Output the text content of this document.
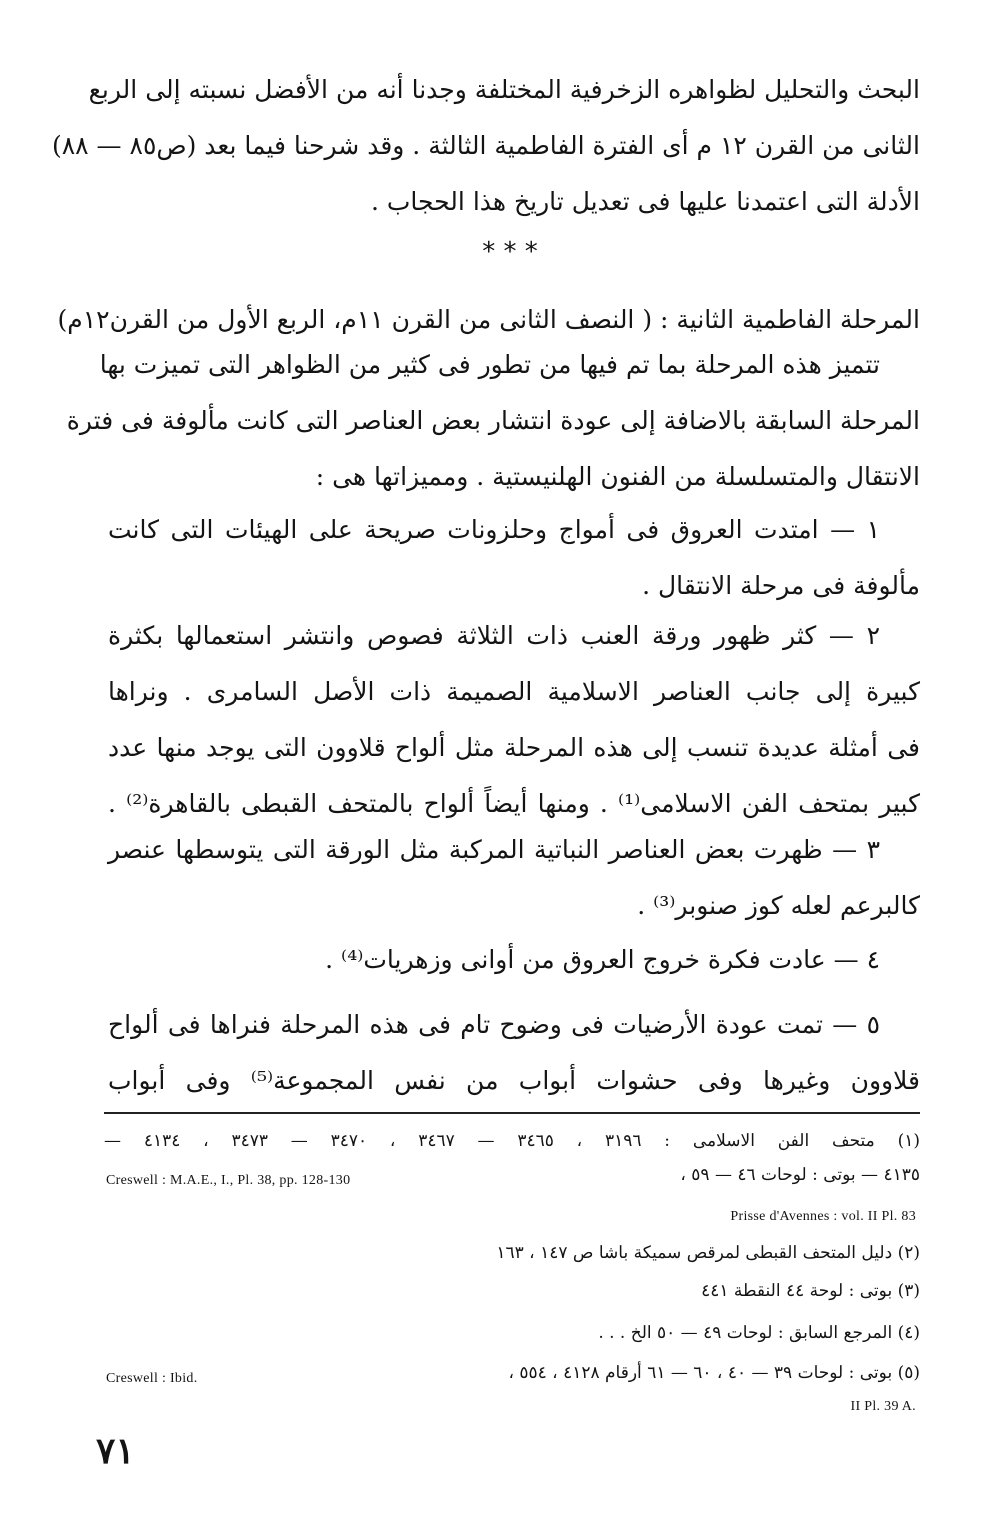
البحث والتحليل لظواهره الزخرفية المختلفة وجدنا أنه من الأفضل نسبته إلى الربع
الثانى من القرن ١٢ م أى الفترة الفاطمية الثالثة . وقد شرحنا فيما بعد (ص٨٥ — ٨٨)
الأدلة التى اعتمدنا عليها فى تعديل تاريخ هذا الحجاب .
* * *
المرحلة الفاطمية الثانية : ( النصف الثانى من القرن ١١م، الربع الأول من القرن١٢م)
تتميز هذه المرحلة بما تم فيها من تطور فى كثير من الظواهر التى تميزت بها
المرحلة السابقة بالاضافة إلى عودة انتشار بعض العناصر التى كانت مألوفة فى فترة
الانتقال والمتسلسلة من الفنون الهلنيستية . ومميزاتها هى :
١ — امتدت العروق فى أمواج وحلزونات صريحة على الهيئات التى كانت
مألوفة فى مرحلة الانتقال .
٢ — كثر ظهور ورقة العنب ذات الثلاثة فصوص وانتشر استعمالها بكثرة
كبيرة إلى جانب العناصر الاسلامية الصميمة ذات الأصل السامرى . ونراها
فى أمثلة عديدة تنسب إلى هذه المرحلة مثل ألواح قلاوون التى يوجد منها عدد
كبير بمتحف الفن الاسلامى⁽¹⁾ . ومنها أيضاً ألواح بالمتحف القبطى بالقاهرة⁽²⁾ .
٣ — ظهرت بعض العناصر النباتية المركبة مثل الورقة التى يتوسطها عنصر
كالبرعم لعله كوز صنوبر⁽³⁾ .
٤ — عادت فكرة خروج العروق من أوانى وزهريات⁽⁴⁾ .
٥ — تمت عودة الأرضيات فى وضوح تام فى هذه المرحلة فنراها فى ألواح
قلاوون وغيرها وفى حشوات أبواب من نفس المجموعة⁽⁵⁾ وفى أبواب
(١) متحف الفن الاسلامى : ٣١٩٦ ، ٣٤٦٥ — ٣٤٦٧ ، ٣٤٧٠ — ٣٤٧٣ ، ٤١٣٤ —
٤١٣٥ — بوتى : لوحات ٤٦ — ٥٩ ،
Creswell : M.A.E., I., Pl. 38, pp. 128-130
Prisse d'Avennes : vol. II Pl. 83
(٢) دليل المتحف القبطى لمرقص سميكة باشا ص ١٤٧ ، ١٦٣
(٣) بوتى : لوحة ٤٤ النقطة ٤٤١
(٤) المرجع السابق : لوحات ٤٩ — ٥٠ الخ . . .
(٥) بوتى : لوحات ٣٩ — ٤٠ ، ٦٠ — ٦١ أرقام ٤١٢٨ ، ٥٥٤ ،
Creswell : Ibid.
II Pl. 39 A.
٧١
